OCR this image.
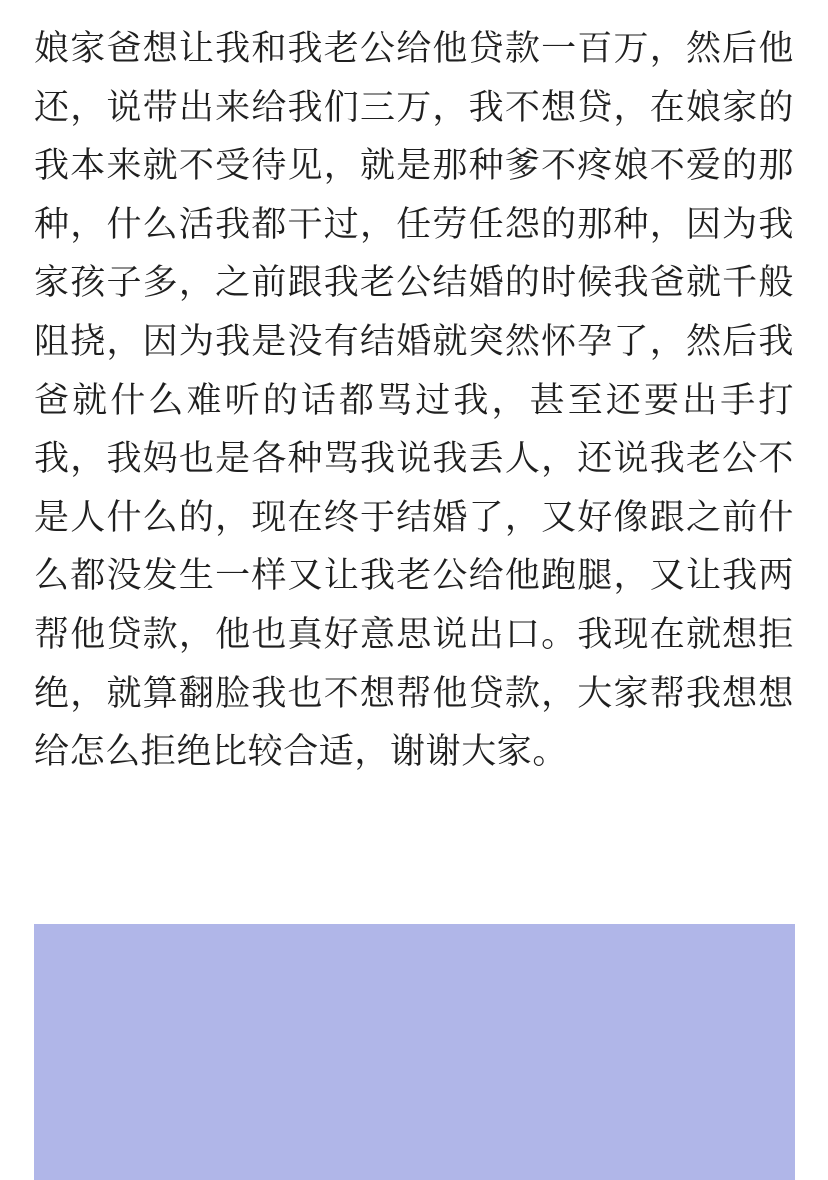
娘家爸想让我和我老公给他贷款一百万，然后他还，说带出来给我们三万，我不想贷，在娘家的我本来就不受待见，就是那种爹不疼娘不爱的那种，什么活我都干过，任劳任怨的那种，因为我家孩子多，之前跟我老公结婚的时候我爸就千般阻挠，因为我是没有结婚就突然怀孕了，然后我爸就什么难听的话都骂过我，甚至还要出手打我，我妈也是各种骂我说我丢人，还说我老公不是人什么的，现在终于结婚了，又好像跟之前什么都没发生一样又让我老公给他跑腿，又让我两帮他贷款，他也真好意思说出口。我现在就想拒绝，就算翻脸我也不想帮他贷款，大家帮我想想给怎么拒绝比较合适，谢谢大家。
